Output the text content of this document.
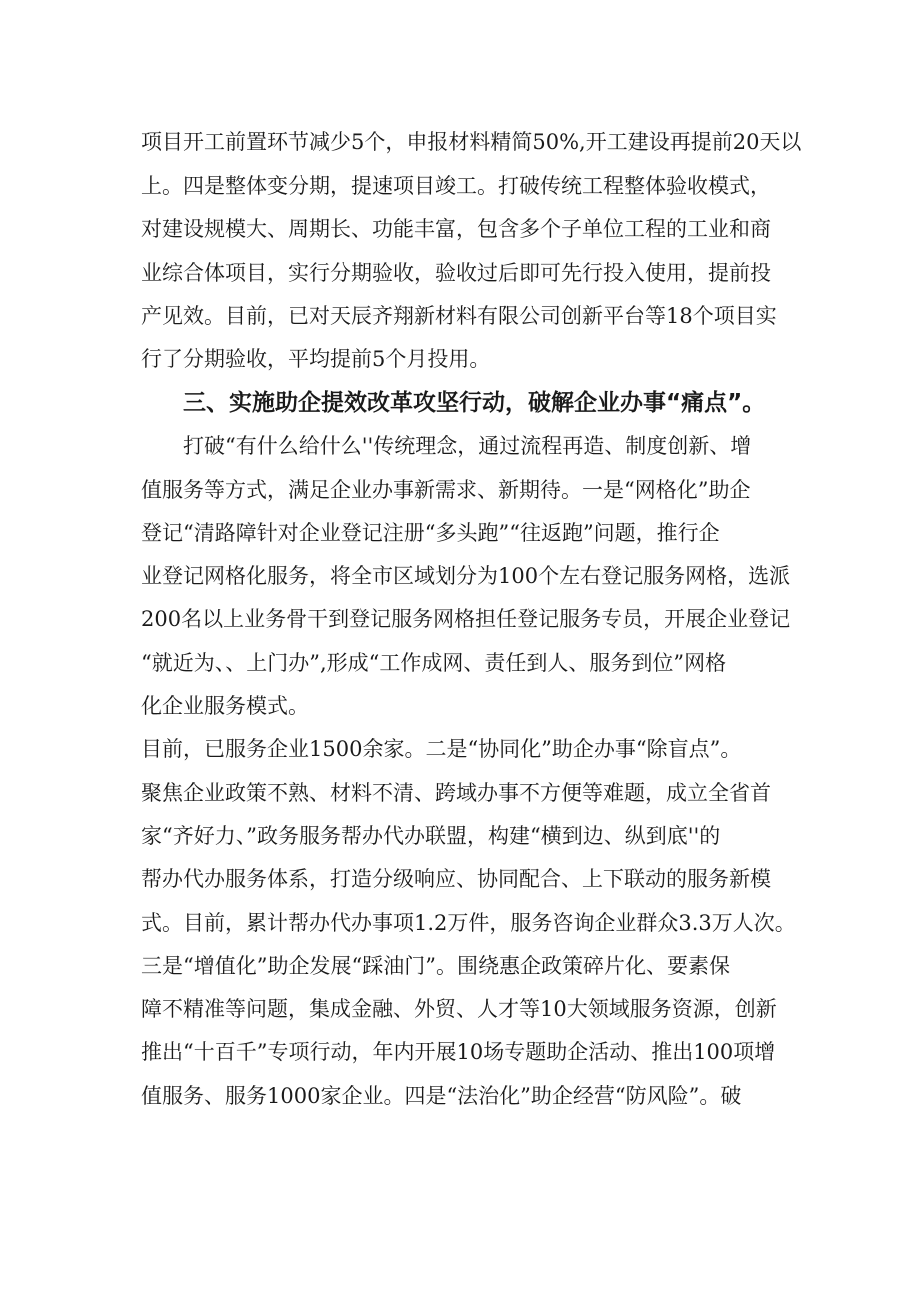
项目开工前置环节减少5个，申报材料精简50%,开工建设再提前20天以
上。四是整体变分期，提速项目竣工。打破传统工程整体验收模式，
对建设规模大、周期长、功能丰富，包含多个子单位工程的工业和商
业综合体项目，实行分期验收，验收过后即可先行投入使用，提前投
产见效。目前，已对天辰齐翔新材料有限公司创新平台等18个项目实
行了分期验收，平均提前5个月投用。
三、实施助企提效改革攻坚行动，破解企业办事“痛点”。
打破“有什么给什么''传统理念，通过流程再造、制度创新、增
值服务等方式，满足企业办事新需求、新期待。一是“网格化”助企
登记“清路障针对企业登记注册“多头跑”“往返跑”问题，推行企
业登记网格化服务，将全市区域划分为100个左右登记服务网格，选派
200名以上业务骨干到登记服务网格担任登记服务专员，开展企业登记
“就近为、、上门办”,形成“工作成网、责任到人、服务到位”网格
化企业服务模式。
目前，已服务企业1500余家。二是“协同化”助企办事“除盲点”。
聚焦企业政策不熟、材料不清、跨域办事不方便等难题，成立全省首
家“齐好力、”政务服务帮办代办联盟，构建“横到边、纵到底''的
帮办代办服务体系，打造分级响应、协同配合、上下联动的服务新模
式。目前，累计帮办代办事项1.2万件，服务咨询企业群众3.3万人次。
三是“增值化”助企发展“踩油门”。围绕惠企政策碎片化、要素保
障不精准等问题，集成金融、外贸、人才等10大领域服务资源，创新
推出“十百千”专项行动，年内开展10场专题助企活动、推出100项增
值服务、服务1000家企业。四是“法治化”助企经营“防风险”。破
